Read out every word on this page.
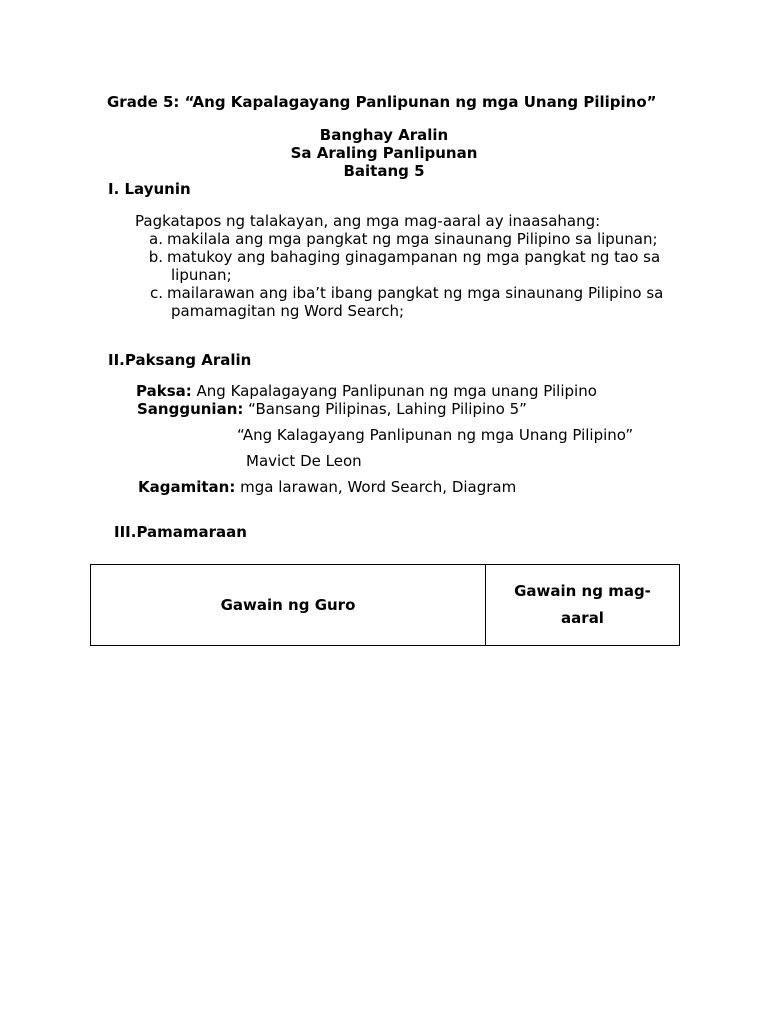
Grade 5: “Ang Kapalagayang Panlipunan ng mga Unang Pilipino”
Banghay Aralin
Sa Araling Panlipunan
Baitang 5
I. Layunin
Pagkatapos ng talakayan, ang mga mag-aaral ay inaasahang:
a. makilala ang mga pangkat ng mga sinaunang Pilipino sa lipunan;
b. matukoy ang bahaging ginagampanan ng mga pangkat ng tao sa
lipunan;
c. mailarawan ang iba’t ibang pangkat ng mga sinaunang Pilipino sa
pamamagitan ng Word Search;
II.Paksang Aralin
Paksa: Ang Kapalagayang Panlipunan ng mga unang Pilipino
Sanggunian: “Bansang Pilipinas, Lahing Pilipino 5”
“Ang Kalagayang Panlipunan ng mga Unang Pilipino”
Mavict De Leon
Kagamitan: mga larawan, Word Search, Diagram
III.Pamamaraan
Gawain ng Guro	Gawain ng mag-
aaral
